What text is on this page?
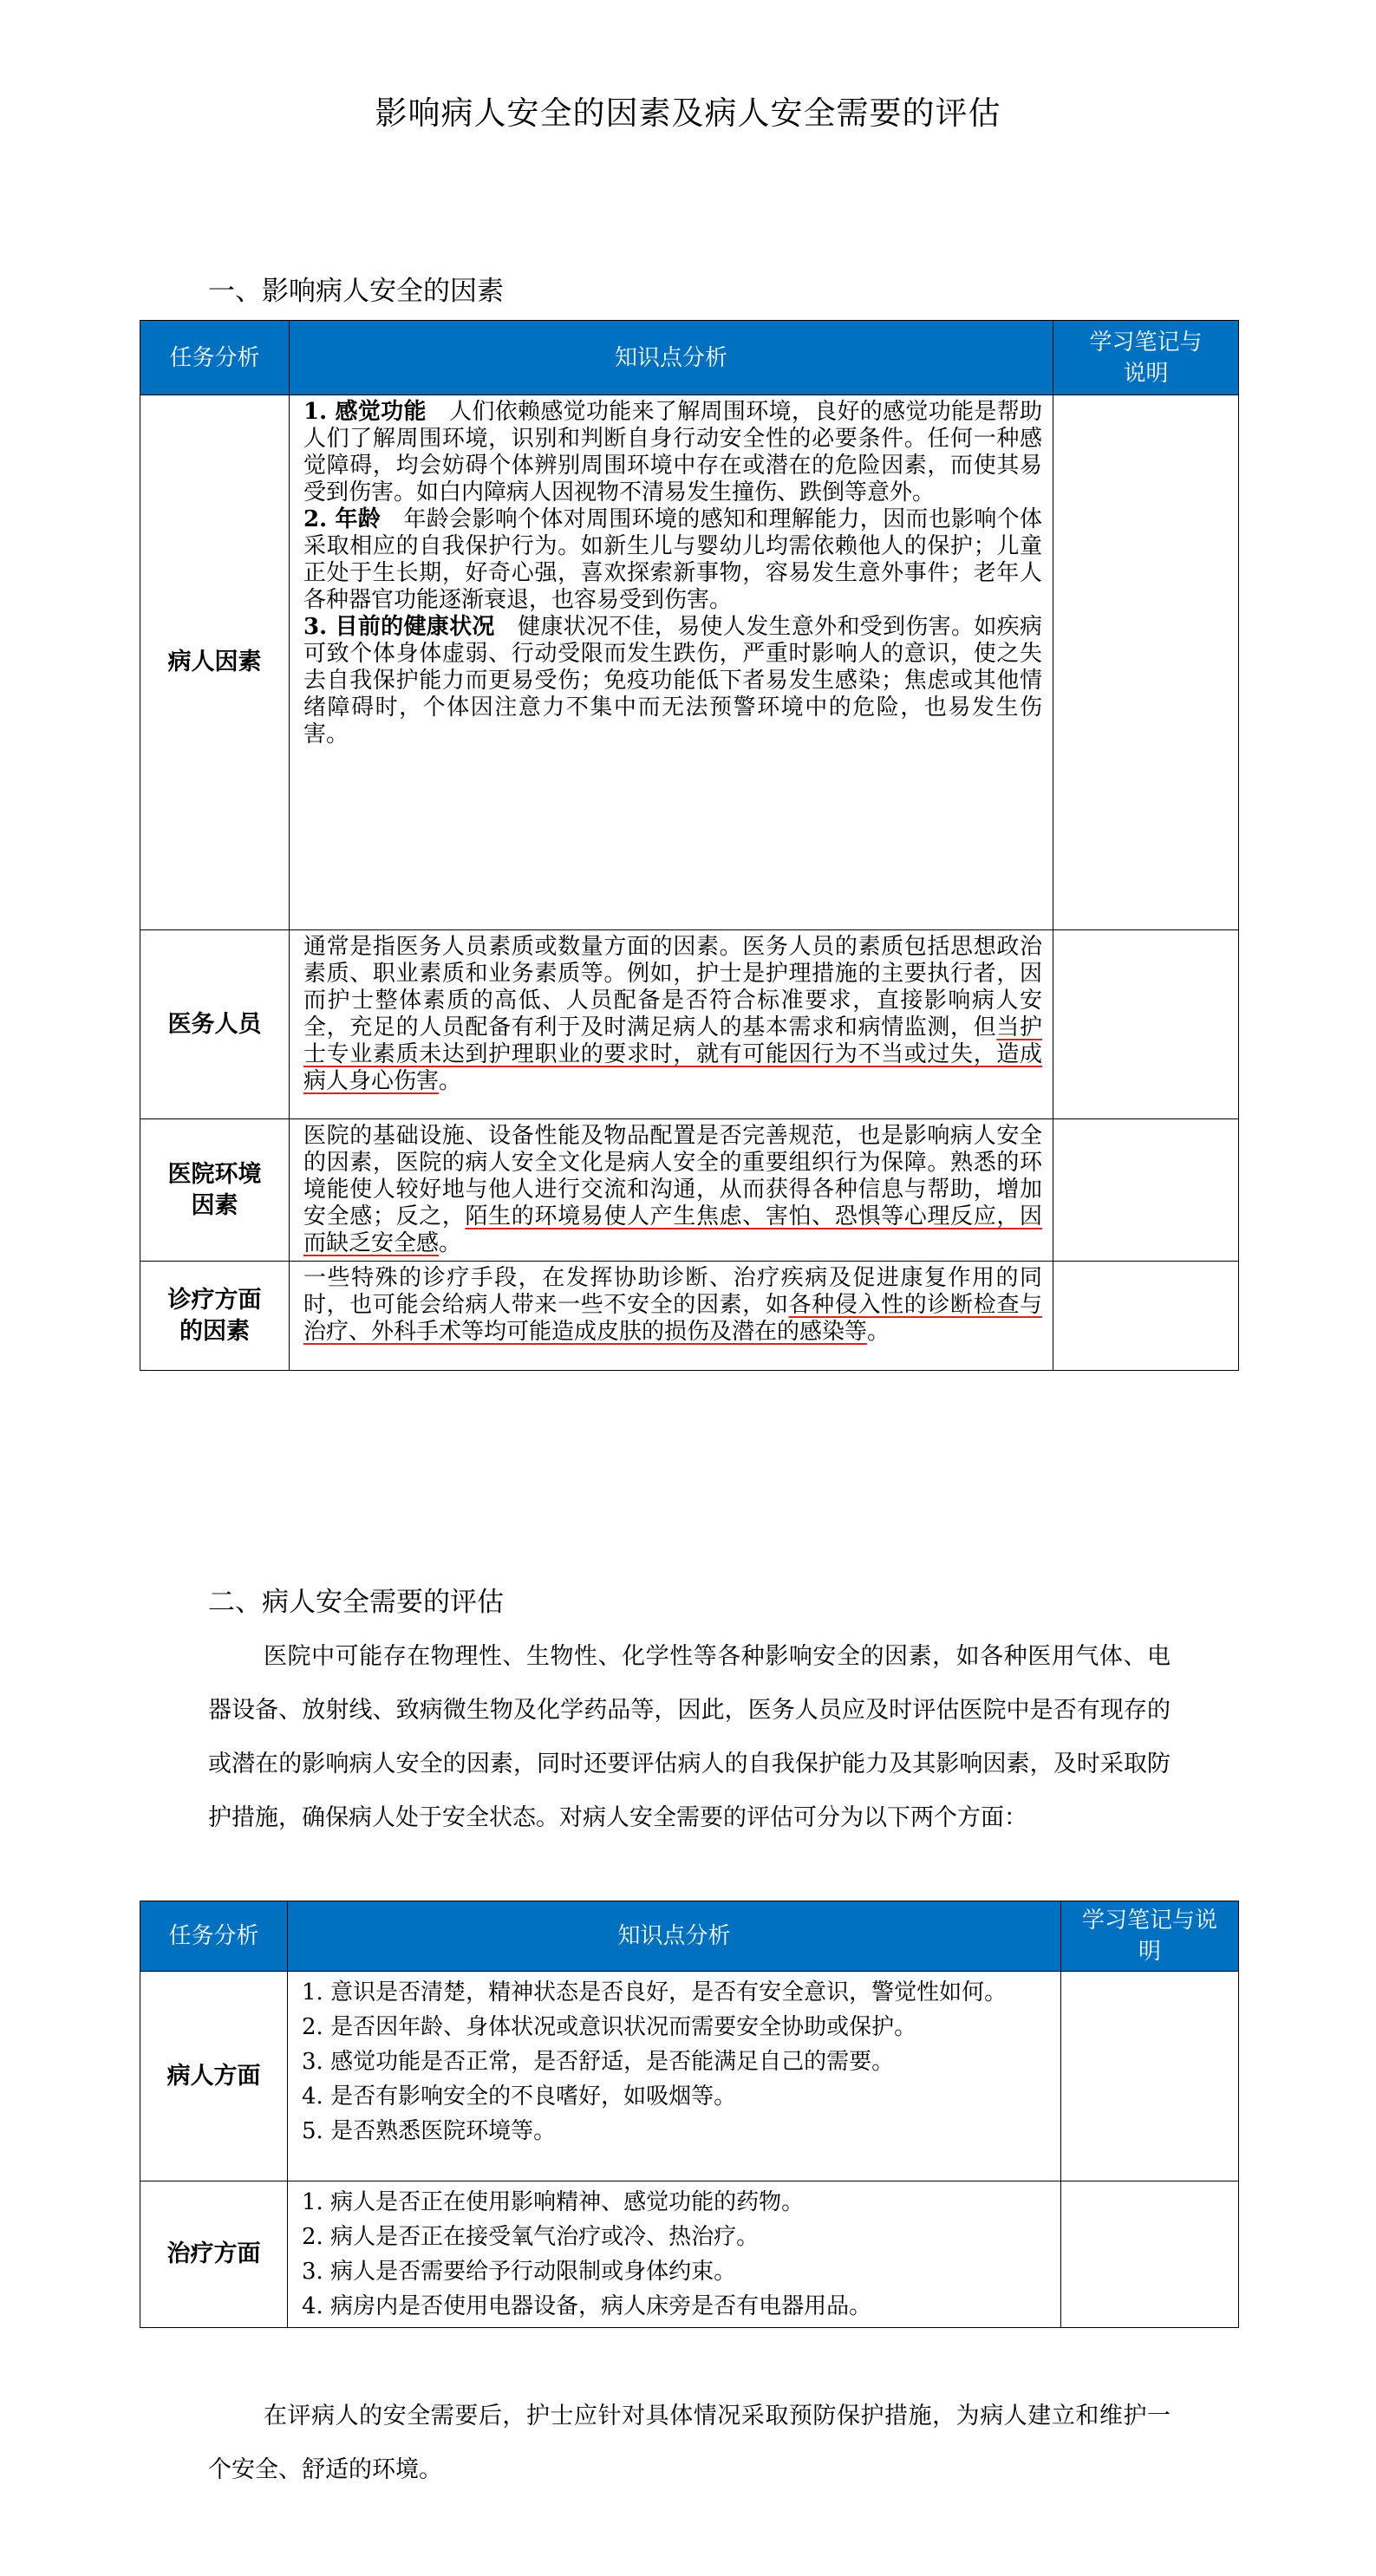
影响病人安全的因素及病人安全需要的评估
一、影响病人安全的因素
任务分析	知识点分析	学习笔记与说明
病人因素	1. 感觉功能　人们依赖感觉功能来了解周围环境，良好的感觉功能是帮助人们了解周围环境，识别和判断自身行动安全性的必要条件。任何一种感觉障碍，均会妨碍个体辨别周围环境中存在或潜在的危险因素，而使其易受到伤害。如白内障病人因视物不清易发生撞伤、跌倒等意外。
2. 年龄　年龄会影响个体对周围环境的感知和理解能力，因而也影响个体采取相应的自我保护行为。如新生儿与婴幼儿均需依赖他人的保护；儿童正处于生长期，好奇心强，喜欢探索新事物，容易发生意外事件；老年人各种器官功能逐渐衰退，也容易受到伤害。
3. 目前的健康状况　健康状况不佳，易使人发生意外和受到伤害。如疾病可致个体身体虚弱、行动受限而发生跌伤，严重时影响人的意识，使之失去自我保护能力而更易受伤；免疫功能低下者易发生感染；焦虑或其他情绪障碍时，个体因注意力不集中而无法预警环境中的危险，也易发生伤害。	

医务人员	通常是指医务人员素质或数量方面的因素。医务人员的素质包括思想政治素质、职业素质和业务素质等。例如，护士是护理措施的主要执行者，因而护士整体素质的高低、人员配备是否符合标准要求，直接影响病人安全，充足的人员配备有利于及时满足病人的基本需求和病情监测，但当护士专业素质未达到护理职业的要求时，就有可能因行为不当或过失，造成病人身心伤害。	
医院环境因素	医院的基础设施、设备性能及物品配置是否完善规范，也是影响病人安全的因素，医院的病人安全文化是病人安全的重要组织行为保障。熟悉的环境能使人较好地与他人进行交流和沟通，从而获得各种信息与帮助，增加安全感；反之，陌生的环境易使人产生焦虑、害怕、恐惧等心理反应，因而缺乏安全感。	
诊疗方面的因素	一些特殊的诊疗手段，在发挥协助诊断、治疗疾病及促进康复作用的同时，也可能会给病人带来一些不安全的因素，如各种侵入性的诊断检查与治疗、外科手术等均可能造成皮肤的损伤及潜在的感染等。	
二、病人安全需要的评估
医院中可能存在物理性、生物性、化学性等各种影响安全的因素，如各种医用气体、电器设备、放射线、致病微生物及化学药品等，因此，医务人员应及时评估医院中是否有现存的或潜在的影响病人安全的因素，同时还要评估病人的自我保护能力及其影响因素，及时采取防护措施，确保病人处于安全状态。对病人安全需要的评估可分为以下两个方面：
任务分析	知识点分析	学习笔记与说明
病人方面	1. 意识是否清楚，精神状态是否良好，是否有安全意识，警觉性如何。
2. 是否因年龄、身体状况或意识状况而需要安全协助或保护。
3. 感觉功能是否正常，是否舒适，是否能满足自己的需要。
4. 是否有影响安全的不良嗜好，如吸烟等。
5. 是否熟悉医院环境等。	

治疗方面	1. 病人是否正在使用影响精神、感觉功能的药物。
2. 病人是否正在接受氧气治疗或冷、热治疗。
3. 病人是否需要给予行动限制或身体约束。
4. 病房内是否使用电器设备，病人床旁是否有电器用品。	

在评病人的安全需要后，护士应针对具体情况采取预防保护措施，为病人建立和维护一个安全、舒适的环境。
